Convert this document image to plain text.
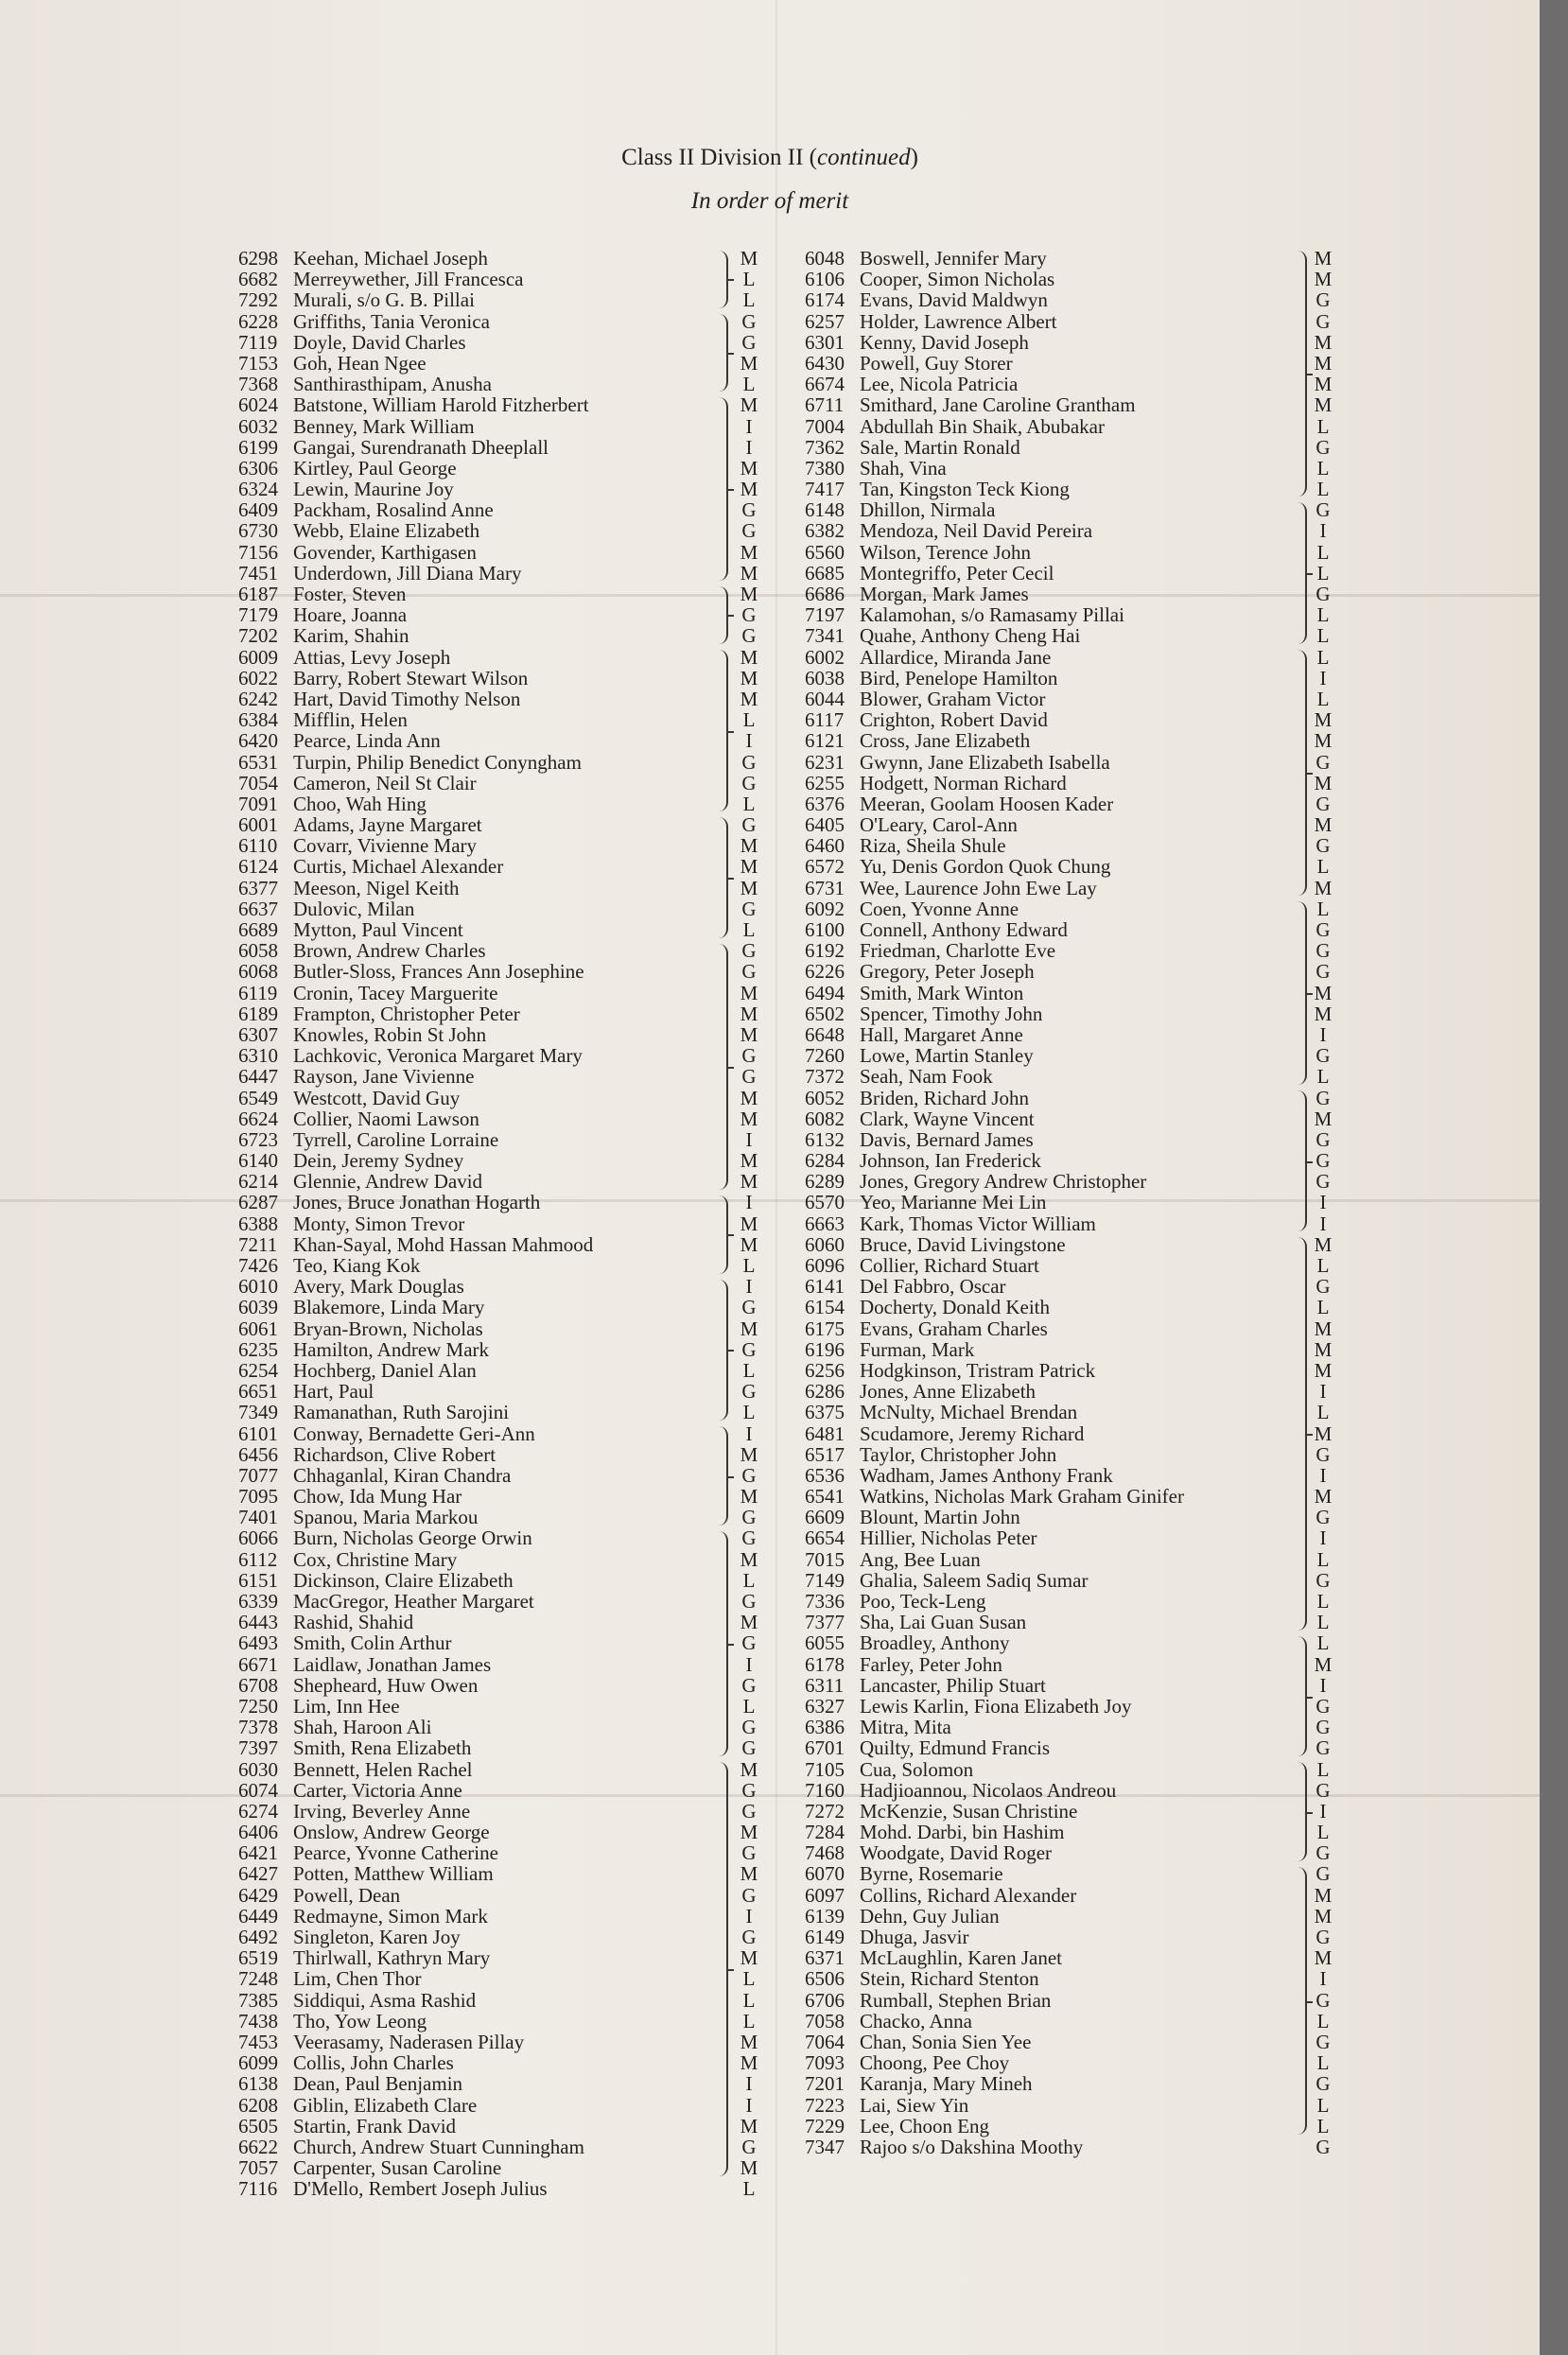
Class II Division II (continued)
In order of merit
6298 Keehan, Michael Joseph	M
6682 Merreywether, Jill Francesca	L
7292 Murali, s/o G. B. Pillai	L
6228 Griffiths, Tania Veronica	G
7119 Doyle, David Charles	G
7153 Goh, Hean Ngee	M
7368 Santhirasthipam, Anusha	L
6024 Batstone, William Harold Fitzherbert	M
6032 Benney, Mark William	I
6199 Gangai, Surendranath Dheeplall	I
6306 Kirtley, Paul George	M
6324 Lewin, Maurine Joy	M
6409 Packham, Rosalind Anne	G
6730 Webb, Elaine Elizabeth	G
7156 Govender, Karthigasen	M
7451 Underdown, Jill Diana Mary	M
6187 Foster, Steven	M
7179 Hoare, Joanna	G
7202 Karim, Shahin	G
6009 Attias, Levy Joseph	M
6022 Barry, Robert Stewart Wilson	M
6242 Hart, David Timothy Nelson	M
6384 Mifflin, Helen	L
6420 Pearce, Linda Ann	I
6531 Turpin, Philip Benedict Conyngham	G
7054 Cameron, Neil St Clair	G
7091 Choo, Wah Hing	L
6001 Adams, Jayne Margaret	G
6110 Covarr, Vivienne Mary	M
6124 Curtis, Michael Alexander	M
6377 Meeson, Nigel Keith	M
6637 Dulovic, Milan	G
6689 Mytton, Paul Vincent	L
6058 Brown, Andrew Charles	G
6068 Butler-Sloss, Frances Ann Josephine	G
6119 Cronin, Tacey Marguerite	M
6189 Frampton, Christopher Peter	M
6307 Knowles, Robin St John	M
6310 Lachkovic, Veronica Margaret Mary	G
6447 Rayson, Jane Vivienne	G
6549 Westcott, David Guy	M
6624 Collier, Naomi Lawson	M
6723 Tyrrell, Caroline Lorraine	I
6140 Dein, Jeremy Sydney	M
6214 Glennie, Andrew David	M
6287 Jones, Bruce Jonathan Hogarth	I
6388 Monty, Simon Trevor	M
7211 Khan-Sayal, Mohd Hassan Mahmood	M
7426 Teo, Kiang Kok	L
6010 Avery, Mark Douglas	I
6039 Blakemore, Linda Mary	G
6061 Bryan-Brown, Nicholas	M
6235 Hamilton, Andrew Mark	G
6254 Hochberg, Daniel Alan	L
6651 Hart, Paul	G
7349 Ramanathan, Ruth Sarojini	L
6101 Conway, Bernadette Geri-Ann	I
6456 Richardson, Clive Robert	M
7077 Chhaganlal, Kiran Chandra	G
7095 Chow, Ida Mung Har	M
7401 Spanou, Maria Markou	G
6066 Burn, Nicholas George Orwin	G
6112 Cox, Christine Mary	M
6151 Dickinson, Claire Elizabeth	L
6339 MacGregor, Heather Margaret	G
6443 Rashid, Shahid	M
6493 Smith, Colin Arthur	G
6671 Laidlaw, Jonathan James	I
6708 Shepheard, Huw Owen	G
7250 Lim, Inn Hee	L
7378 Shah, Haroon Ali	G
7397 Smith, Rena Elizabeth	G
6030 Bennett, Helen Rachel	M
6074 Carter, Victoria Anne	G
6274 Irving, Beverley Anne	G
6406 Onslow, Andrew George	M
6421 Pearce, Yvonne Catherine	G
6427 Potten, Matthew William	M
6429 Powell, Dean	G
6449 Redmayne, Simon Mark	I
6492 Singleton, Karen Joy	G
6519 Thirlwall, Kathryn Mary	M
7248 Lim, Chen Thor	L
7385 Siddiqui, Asma Rashid	L
7438 Tho, Yow Leong	L
7453 Veerasamy, Naderasen Pillay	M
6099 Collis, John Charles	M
6138 Dean, Paul Benjamin	I
6208 Giblin, Elizabeth Clare	I
6505 Startin, Frank David	M
6622 Church, Andrew Stuart Cunningham	G
7057 Carpenter, Susan Caroline	M
7116 D'Mello, Rembert Joseph Julius	L
6048 Boswell, Jennifer Mary	M
6106 Cooper, Simon Nicholas	M
6174 Evans, David Maldwyn	G
6257 Holder, Lawrence Albert	G
6301 Kenny, David Joseph	M
6430 Powell, Guy Storer	M
6674 Lee, Nicola Patricia	M
6711 Smithard, Jane Caroline Grantham	M
7004 Abdullah Bin Shaik, Abubakar	L
7362 Sale, Martin Ronald	G
7380 Shah, Vina	L
7417 Tan, Kingston Teck Kiong	L
6148 Dhillon, Nirmala	G
6382 Mendoza, Neil David Pereira	I
6560 Wilson, Terence John	L
6685 Montegriffo, Peter Cecil	L
6686 Morgan, Mark James	G
7197 Kalamohan, s/o Ramasamy Pillai	L
7341 Quahe, Anthony Cheng Hai	L
6002 Allardice, Miranda Jane	L
6038 Bird, Penelope Hamilton	I
6044 Blower, Graham Victor	L
6117 Crighton, Robert David	M
6121 Cross, Jane Elizabeth	M
6231 Gwynn, Jane Elizabeth Isabella	G
6255 Hodgett, Norman Richard	M
6376 Meeran, Goolam Hoosen Kader	G
6405 O'Leary, Carol-Ann	M
6460 Riza, Sheila Shule	G
6572 Yu, Denis Gordon Quok Chung	L
6731 Wee, Laurence John Ewe Lay	M
6092 Coen, Yvonne Anne	L
6100 Connell, Anthony Edward	G
6192 Friedman, Charlotte Eve	G
6226 Gregory, Peter Joseph	G
6494 Smith, Mark Winton	M
6502 Spencer, Timothy John	M
6648 Hall, Margaret Anne	I
7260 Lowe, Martin Stanley	G
7372 Seah, Nam Fook	L
6052 Briden, Richard John	G
6082 Clark, Wayne Vincent	M
6132 Davis, Bernard James	G
6284 Johnson, Ian Frederick	G
6289 Jones, Gregory Andrew Christopher	G
6570 Yeo, Marianne Mei Lin	I
6663 Kark, Thomas Victor William	I
6060 Bruce, David Livingstone	M
6096 Collier, Richard Stuart	L
6141 Del Fabbro, Oscar	G
6154 Docherty, Donald Keith	L
6175 Evans, Graham Charles	M
6196 Furman, Mark	M
6256 Hodgkinson, Tristram Patrick	M
6286 Jones, Anne Elizabeth	I
6375 McNulty, Michael Brendan	L
6481 Scudamore, Jeremy Richard	M
6517 Taylor, Christopher John	G
6536 Wadham, James Anthony Frank	I
6541 Watkins, Nicholas Mark Graham Ginifer	M
6609 Blount, Martin John	G
6654 Hillier, Nicholas Peter	I
7015 Ang, Bee Luan	L
7149 Ghalia, Saleem Sadiq Sumar	G
7336 Poo, Teck-Leng	L
7377 Sha, Lai Guan Susan	L
6055 Broadley, Anthony	L
6178 Farley, Peter John	M
6311 Lancaster, Philip Stuart	I
6327 Lewis Karlin, Fiona Elizabeth Joy	G
6386 Mitra, Mita	G
6701 Quilty, Edmund Francis	G
7105 Cua, Solomon	L
7160 Hadjioannou, Nicolaos Andreou	G
7272 McKenzie, Susan Christine	I
7284 Mohd. Darbi, bin Hashim	L
7468 Woodgate, David Roger	G
6070 Byrne, Rosemarie	G
6097 Collins, Richard Alexander	M
6139 Dehn, Guy Julian	M
6149 Dhuga, Jasvir	G
6371 McLaughlin, Karen Janet	M
6506 Stein, Richard Stenton	I
6706 Rumball, Stephen Brian	G
7058 Chacko, Anna	L
7064 Chan, Sonia Sien Yee	G
7093 Choong, Pee Choy	L
7201 Karanja, Mary Mineh	G
7223 Lai, Siew Yin	L
7229 Lee, Choon Eng	L
7347 Rajoo s/o Dakshina Moothy	G
